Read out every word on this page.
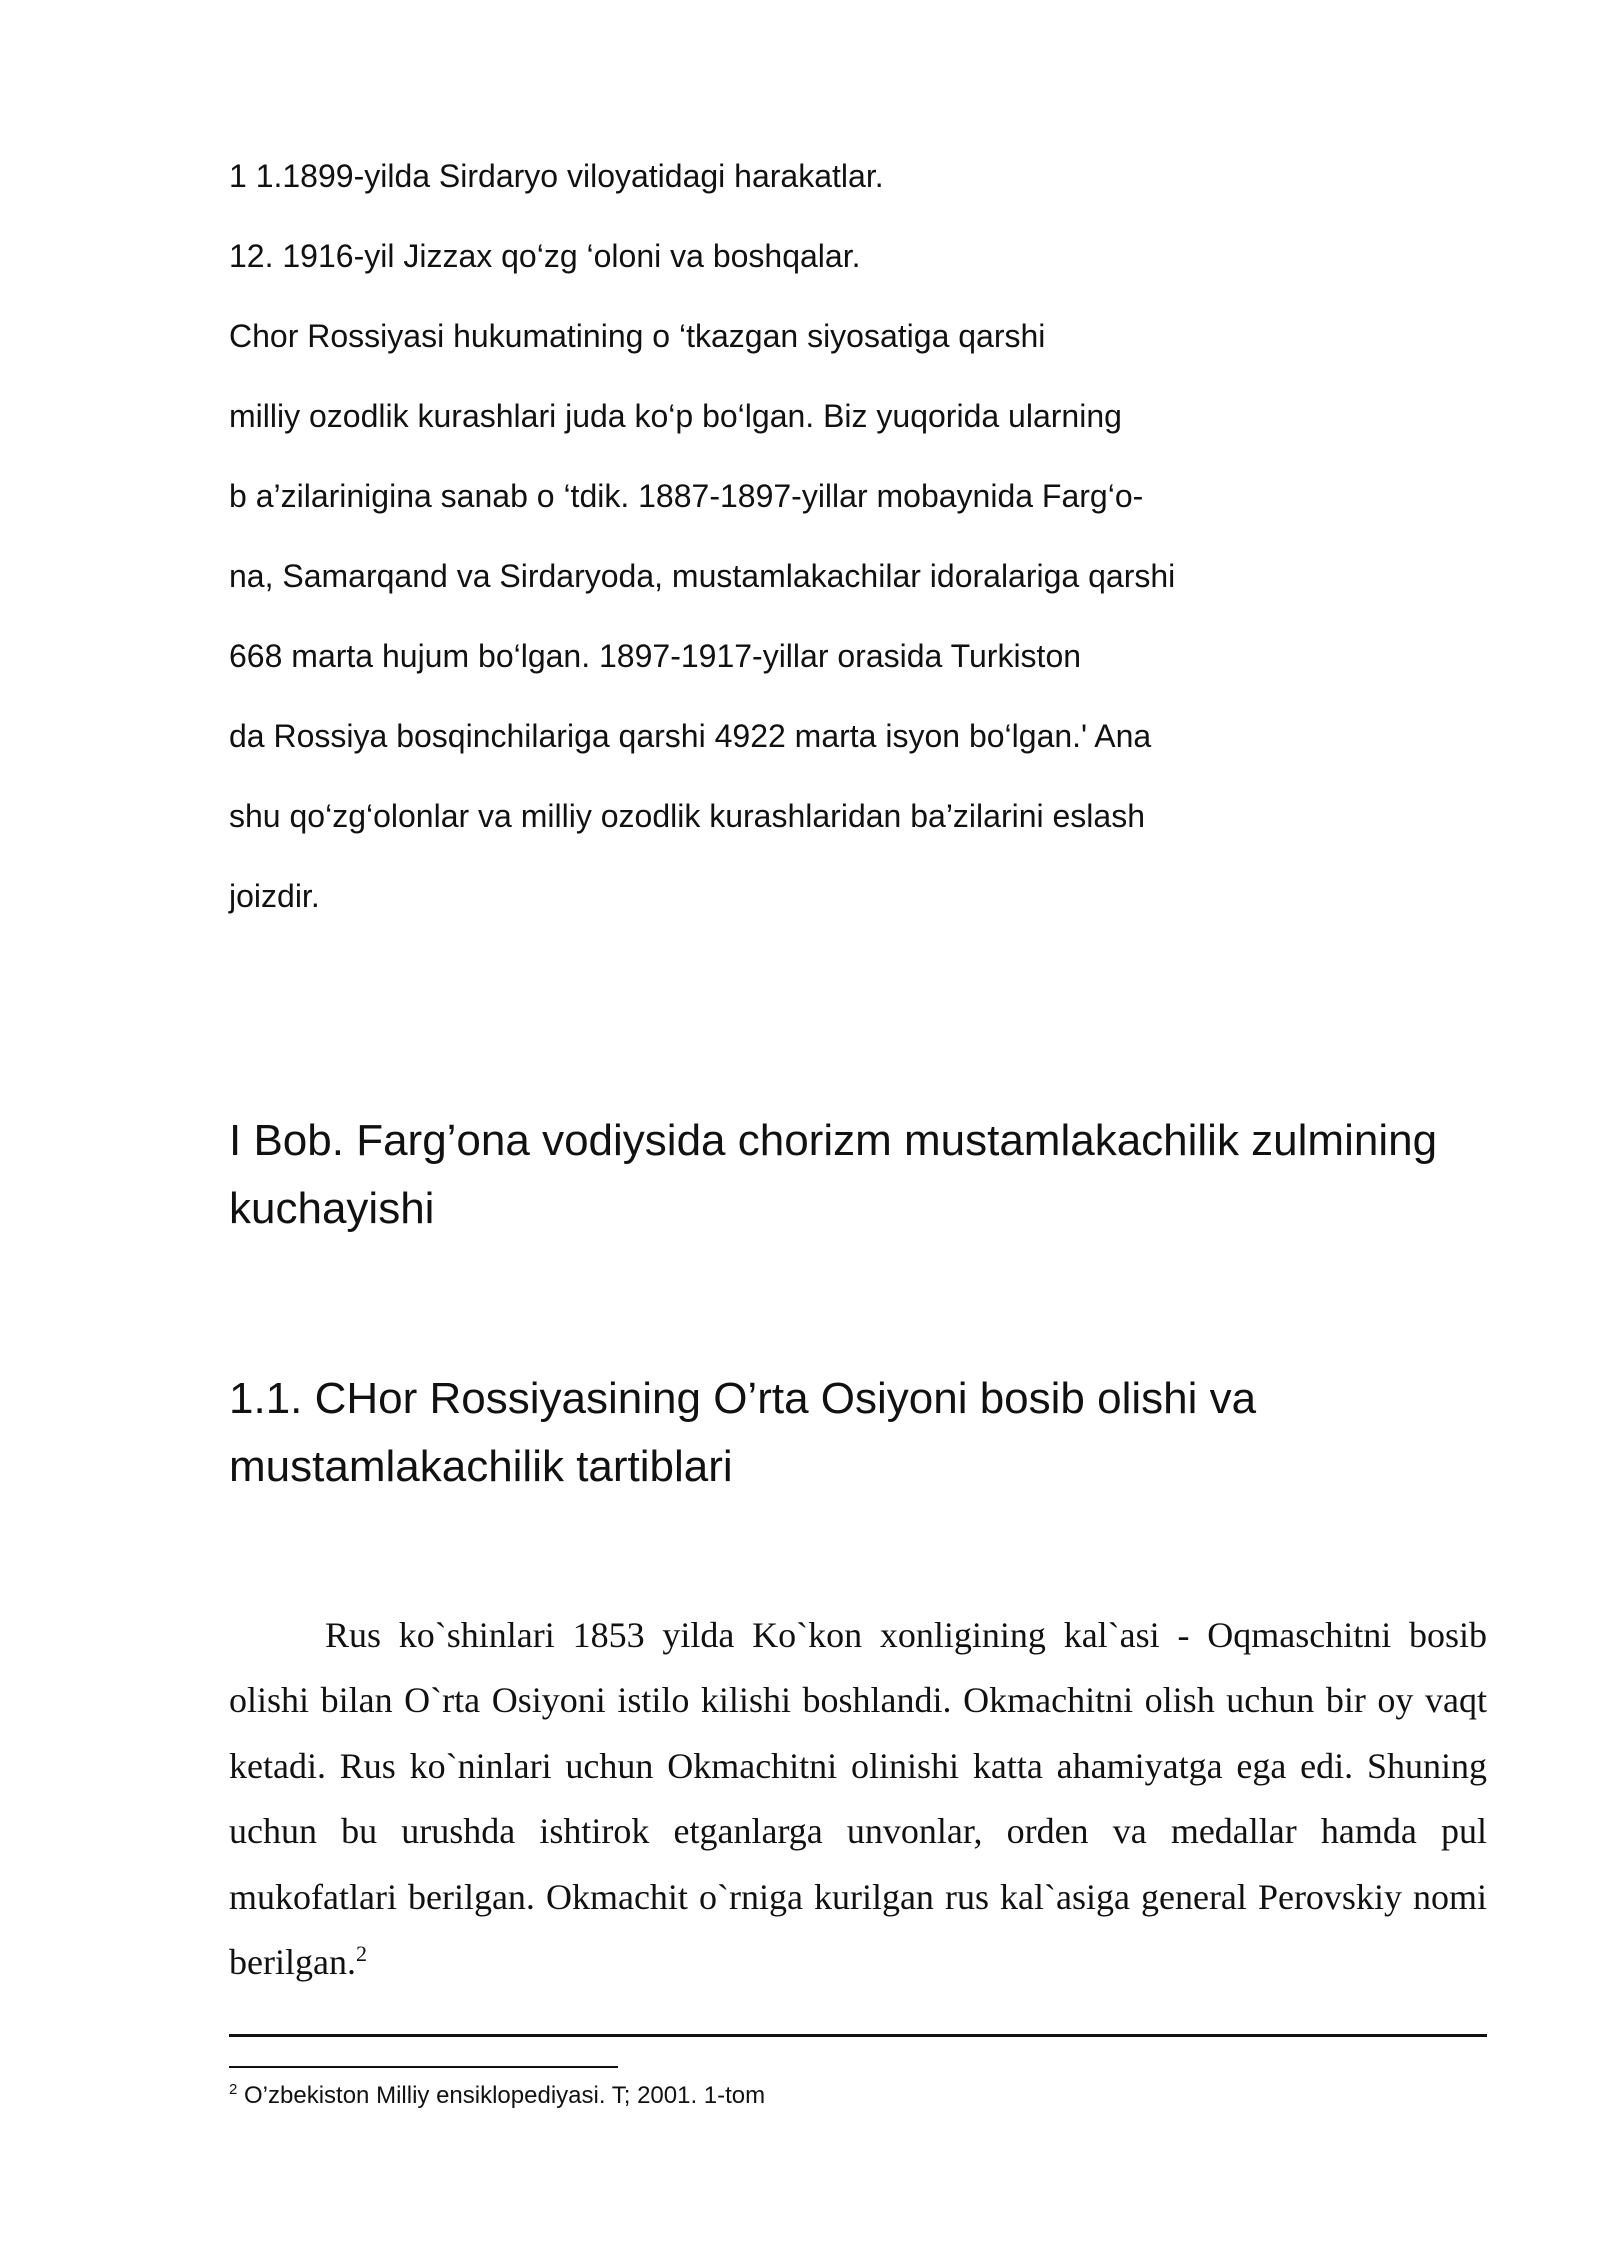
1 1.1899-yilda Sirdaryo viloyatidagi harakatlar.
12. 1916-yil Jizzax qo‘zg ‘oloni va boshqalar.
Chor Rossiyasi hukumatining o ‘tkazgan siyosatiga qarshi
milliy ozodlik kurashlari juda ko‘p bo‘lgan. Biz yuqorida ularning
b a’zilarinigina sanab o ‘tdik. 1887-1897-yillar mobaynida Farg‘o-
na, Samarqand va Sirdaryoda, mustamlakachilar idoralariga qarshi
668 marta hujum bo‘lgan. 1897-1917-yillar orasida Turkiston
da Rossiya bosqinchilariga qarshi 4922 marta isyon bo‘lgan.' Ana
shu qo‘zg‘olonlar va milliy ozodlik kurashlaridan ba’zilarini eslash
joizdir.
I Bob. Farg’ona vodiysida chorizm mustamlakachilik zulmining
kuchayishi
1.1. CHor Rossiyasining O’rta Osiyoni bosib olishi va
mustamlakachilik tartiblari

Rus ko`shinlari 1853 yilda Ko`kon xonligining kal`asi - Oqmaschitni bosib olishi bilan O`rta Osiyoni istilo kilishi boshlandi. Okmachitni olish uchun bir oy vaqt ketadi. Rus ko`ninlari uchun Okmachitni olinishi katta ahamiyatga ega edi. Shuning uchun bu urushda ishtirok etganlarga unvonlar, orden va medallar hamda pul mukofatlari berilgan. Okmachit o`rniga kurilgan rus kal`asiga general Perovskiy nomi berilgan.$^2$

$^2$ O’zbekiston Milliy ensiklopediyasi. T; 2001. 1-tom
